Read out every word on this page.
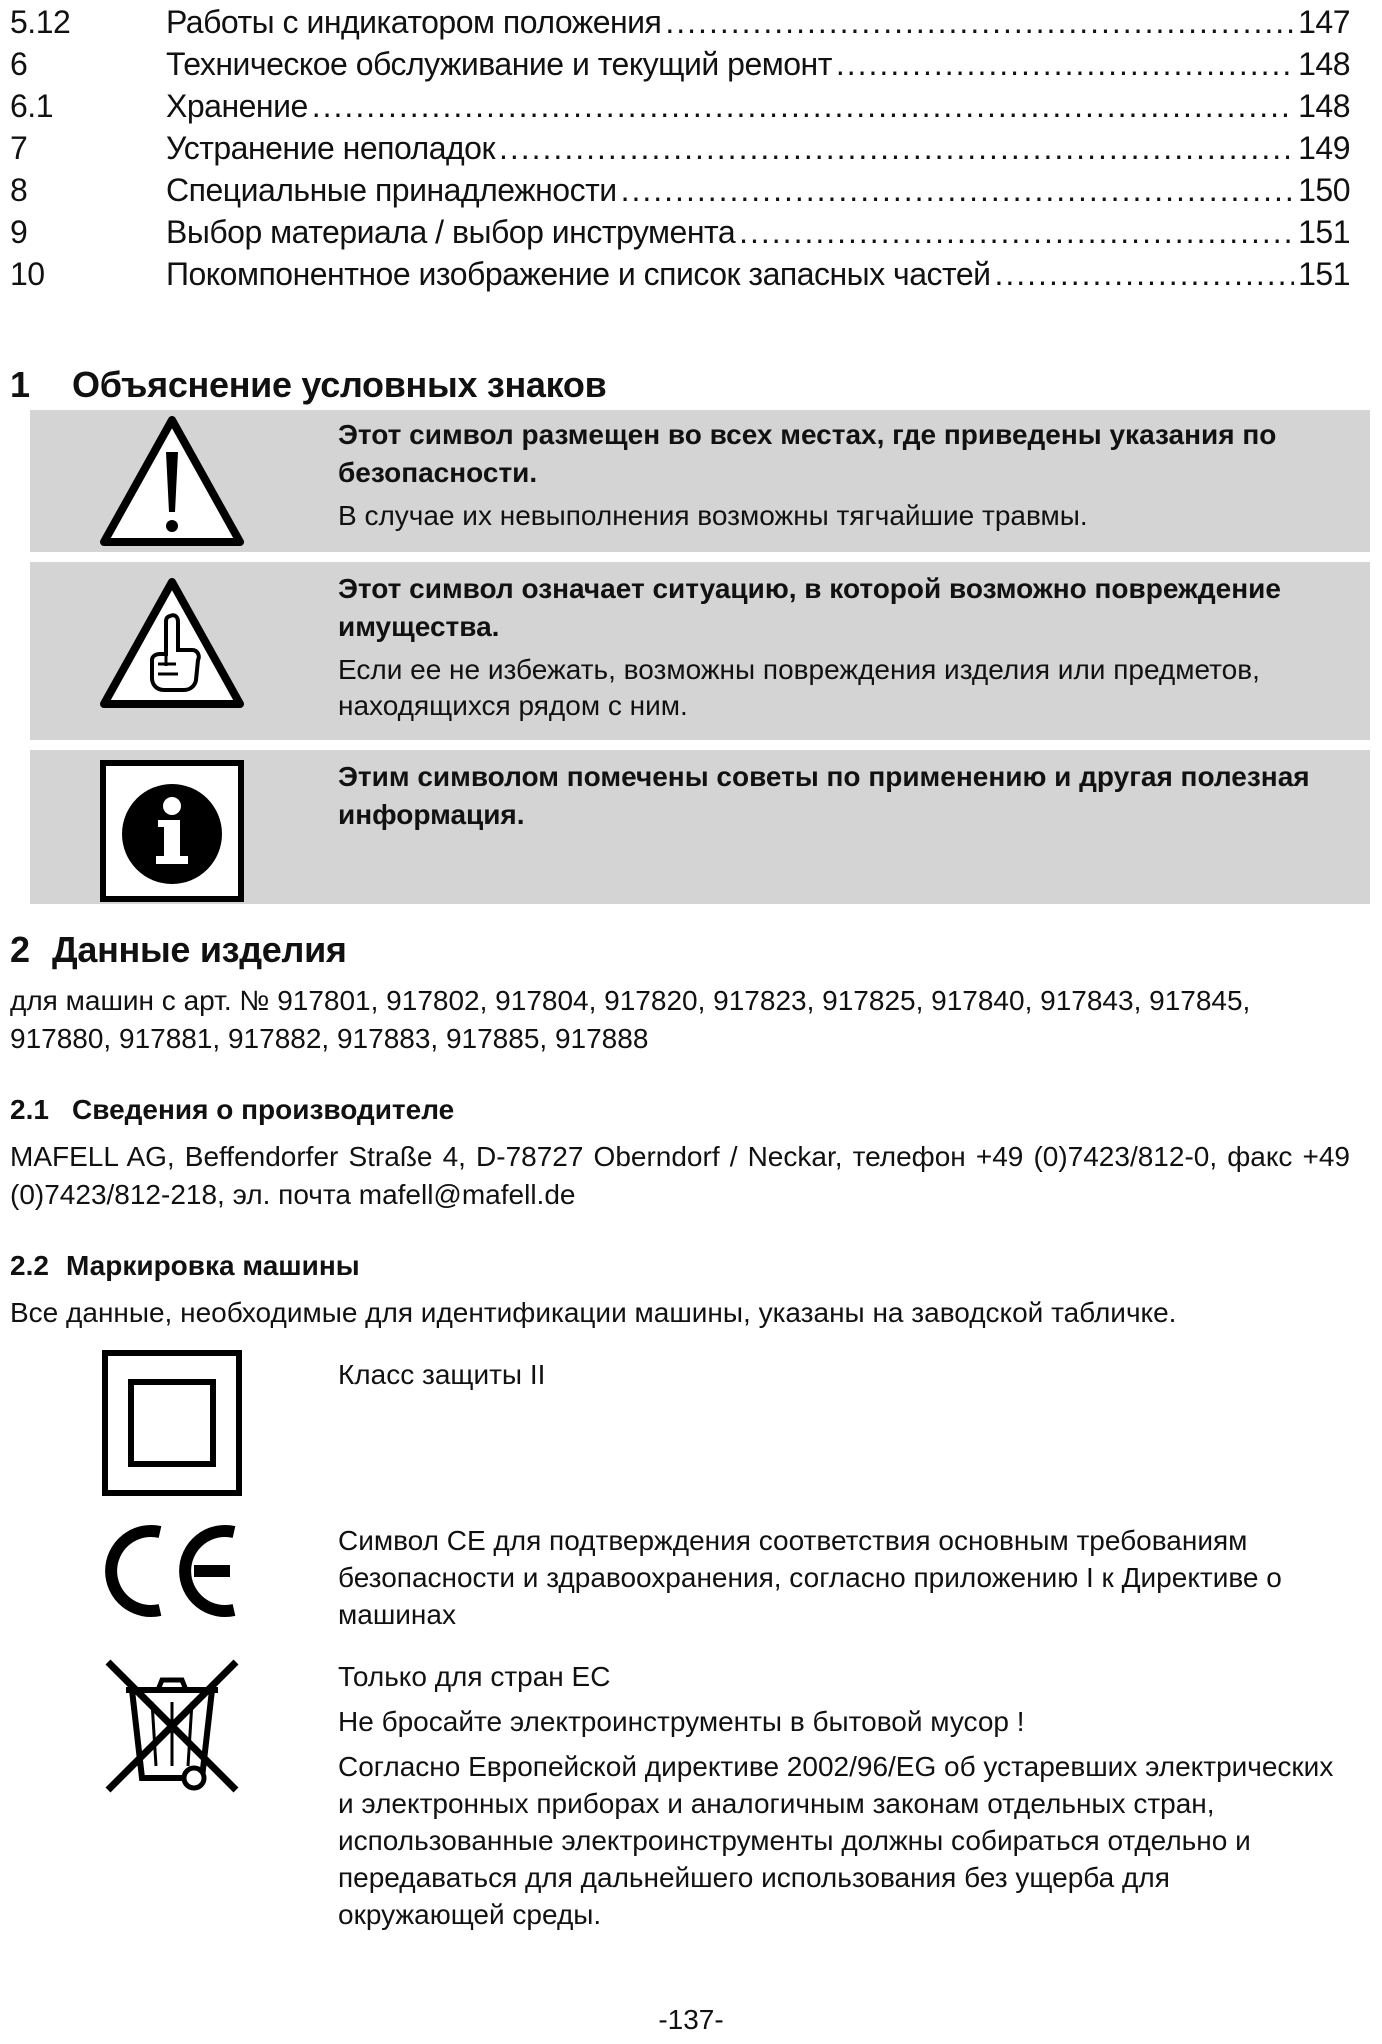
5.12	Работы с индикатором положения .....	147
6	Техническое обслуживание и текущий ремонт .....	148
6.1	Хранение .....	148
7	Устранение неполадок .....	149
8	Специальные принадлежности .....	150
9	Выбор материала / выбор инструмента .....	151
10	Покомпонентное изображение и список запасных частей .....	151
1 Объяснение условных знаков
Этот символ размещен во всех местах, где приведены указания по безопасности.
В случае их невыполнения возможны тягчайшие травмы.
Этот символ означает ситуацию, в которой возможно повреждение имущества.
Если ее не избежать, возможны повреждения изделия или предметов, находящихся рядом с ним.
Этим символом помечены советы по применению и другая полезная информация.
2 Данные изделия
для машин с арт. № 917801, 917802, 917804, 917820, 917823, 917825, 917840, 917843, 917845, 917880, 917881, 917882, 917883, 917885, 917888
2.1 Сведения о производителе
MAFELL AG, Beffendorfer Straße 4, D-78727 Oberndorf / Neckar, телефон +49 (0)7423/812-0, факс +49 (0)7423/812-218, эл. почта mafell@mafell.de
2.2 Маркировка машины
Все данные, необходимые для идентификации машины, указаны на заводской табличке.

Класс защиты II

Символ CE для подтверждения соответствия основным требованиям безопасности и здравоохранения, согласно приложению I к Директиве о машинах

Только для стран ЕС

Не бросайте электроинструменты в бытовой мусор !

Согласно Европейской директиве 2002/96/EG об устаревших электрических и электронных приборах и аналогичным законам отдельных стран, использованные электроинструменты должны собираться отдельно и передаваться для дальнейшего использования без ущерба для окружающей среды.

-137-
